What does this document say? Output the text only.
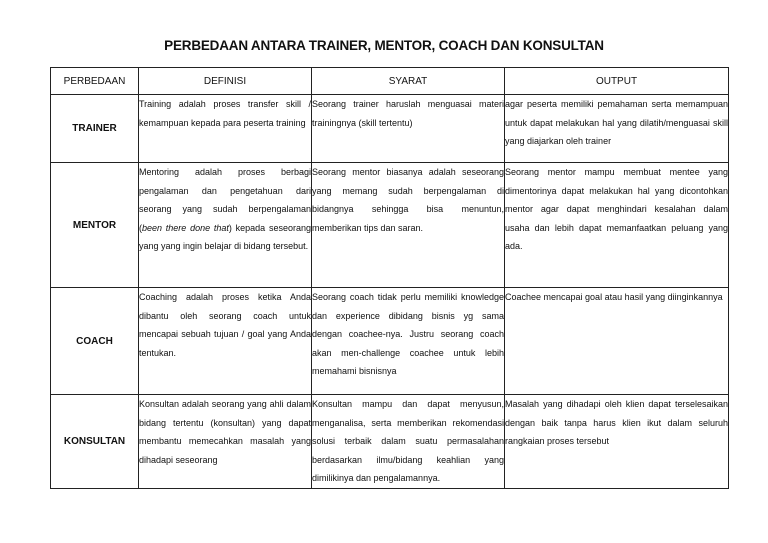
PERBEDAAN ANTARA TRAINER, MENTOR, COACH DAN KONSULTAN
PERBEDAAN	DEFINISI	SYARAT	OUTPUT
TRAINER	Training adalah proses transfer skill / kemampuan kepada para peserta training	Seorang trainer haruslah menguasai materi trainingnya (skill tertentu)	agar peserta memiliki pemahaman serta memampuan untuk dapat melakukan hal yang dilatih/menguasai skill yang diajarkan oleh trainer

MENTOR	Mentoring adalah proses berbagi pengalaman dan pengetahuan dari seorang yang sudah berpengalaman (been there done that) kepada seseorang yang yang ingin belajar di bidang tersebut.	Seorang mentor biasanya adalah seseorang yang memang sudah berpengalaman di bidangnya sehingga bisa menuntun, memberikan tips dan saran.	Seorang mentor mampu membuat mentee yang dimentorinya dapat melakukan hal yang dicontohkan mentor agar dapat menghindari kesalahan dalam usaha dan lebih dapat memanfaatkan peluang yang ada.

COACH	Coaching adalah proses ketika Anda dibantu oleh seorang coach untuk mencapai sebuah tujuan / goal yang Anda tentukan.	Seorang coach tidak perlu memiliki knowledge dan experience dibidang bisnis yg sama dengan coachee-nya. Justru seorang coach akan men-challenge coachee untuk lebih memahami bisnisnya	Coachee mencapai goal atau hasil yang diinginkannya

KONSULTAN	Konsultan adalah seorang yang ahli dalam bidang tertentu (konsultan) yang dapat membantu memecahkan masalah yang dihadapi seseorang	Konsultan mampu dan dapat menyusun, menganalisa, serta memberikan rekomendasi solusi terbaik dalam suatu permasalahan berdasarkan ilmu/bidang keahlian yang dimilikinya dan pengalamannya.	Masalah yang dihadapi oleh klien dapat terselesaikan dengan baik tanpa harus klien ikut dalam seluruh rangkaian proses tersebut
